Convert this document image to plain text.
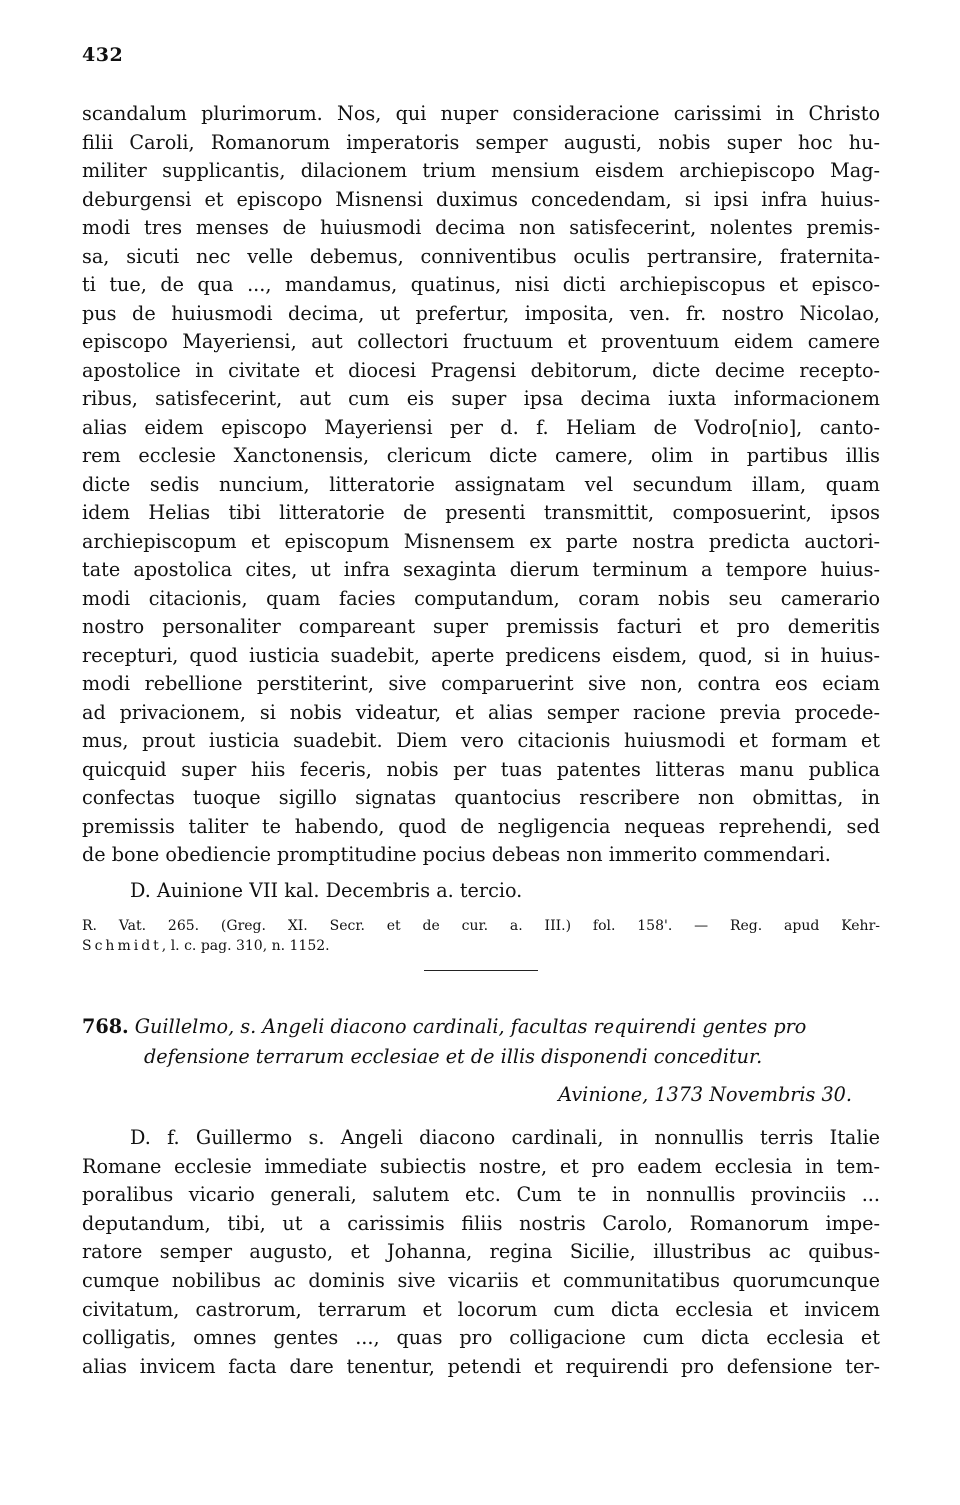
432
scandalum plurimorum. Nos, qui nuper consideracione carissimi in Christo
filii Caroli, Romanorum imperatoris semper augusti, nobis super hoc hu-
militer supplicantis, dilacionem trium mensium eisdem archiepiscopo Mag-
deburgensi et episcopo Misnensi duximus concedendam, si ipsi infra huius-
modi tres menses de huiusmodi decima non satisfecerint, nolentes premis-
sa, sicuti nec velle debemus, conniventibus oculis pertransire, fraternita-
ti tue, de qua ..., mandamus, quatinus, nisi dicti archiepiscopus et episco-
pus de huiusmodi decima, ut prefertur, imposita, ven. fr. nostro Nicolao,
episcopo Mayeriensi, aut collectori fructuum et proventuum eidem camere
apostolice in civitate et diocesi Pragensi debitorum, dicte decime recepto-
ribus, satisfecerint, aut cum eis super ipsa decima iuxta informacionem
alias eidem episcopo Mayeriensi per d. f. Heliam de Vodro[nio], canto-
rem ecclesie Xanctonensis, clericum dicte camere, olim in partibus illis
dicte sedis nuncium, litteratorie assignatam vel secundum illam, quam
idem Helias tibi litteratorie de presenti transmittit, composuerint, ipsos
archiepiscopum et episcopum Misnensem ex parte nostra predicta auctori-
tate apostolica cites, ut infra sexaginta dierum terminum a tempore huius-
modi citacionis, quam facies computandum, coram nobis seu camerario
nostro personaliter compareant super premissis facturi et pro demeritis
recepturi, quod iusticia suadebit, aperte predicens eisdem, quod, si in huius-
modi rebellione perstiterint, sive comparuerint sive non, contra eos eciam
ad privacionem, si nobis videatur, et alias semper racione previa procede-
mus, prout iusticia suadebit. Diem vero citacionis huiusmodi et formam et
quicquid super hiis feceris, nobis per tuas patentes litteras manu publica
confectas tuoque sigillo signatas quantocius rescribere non obmittas, in
premissis taliter te habendo, quod de negligencia nequeas reprehendi, sed
de bone obediencie promptitudine pocius debeas non immerito commendari.
D. Auinione VII kal. Decembris a. tercio.
R. Vat. 265. (Greg. XI. Secr. et de cur. a. III.) fol. 158'. — Reg. apud Kehr-
Schmidt, l. c. pag. 310, n. 1152.
768. Guillelmo, s. Angeli diacono cardinali, facultas requirendi gentes pro
defensione terrarum ecclesiae et de illis disponendi conceditur.
Avinione, 1373 Novembris 30.
D. f. Guillermo s. Angeli diacono cardinali, in nonnullis terris Italie
Romane ecclesie immediate subiectis nostre, et pro eadem ecclesia in tem-
poralibus vicario generali, salutem etc. Cum te in nonnullis provinciis ...
deputandum, tibi, ut a carissimis filiis nostris Carolo, Romanorum impe-
ratore semper augusto, et Johanna, regina Sicilie, illustribus ac quibus-
cumque nobilibus ac dominis sive vicariis et communitatibus quorumcunque
civitatum, castrorum, terrarum et locorum cum dicta ecclesia et invicem
colligatis, omnes gentes ..., quas pro colligacione cum dicta ecclesia et
alias invicem facta dare tenentur, petendi et requirendi pro defensione ter-
